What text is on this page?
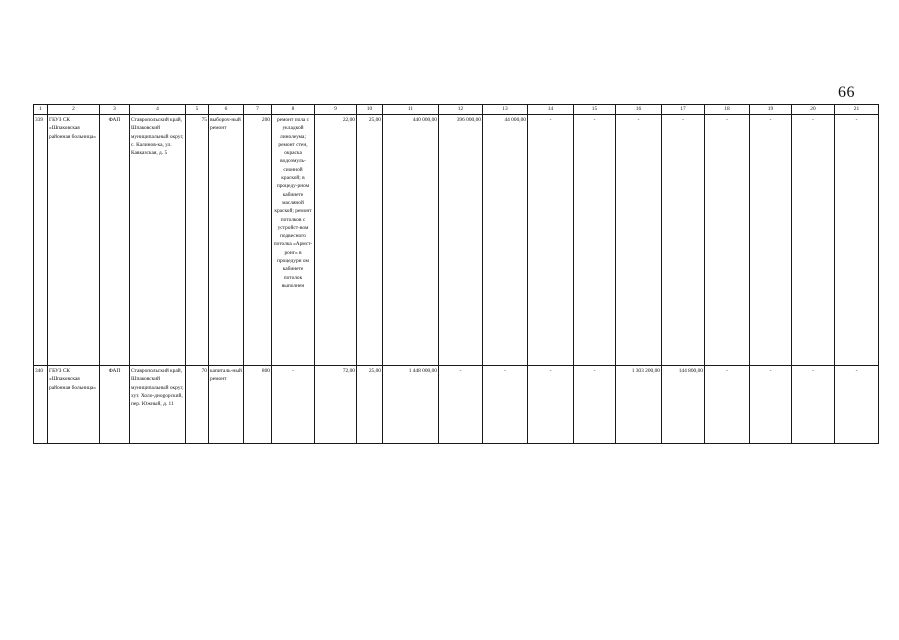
66
1	2	3	4	5	6	7	8	9	10	11	12	13	14	15	16	17	18	19	20	21
339	ГБУЗ СК «Шпаковская районная больница»	ФАП	Ставропольский край, Шпаковский муниципальный округ, с. Калинов-ка, ул. Кавказская, д. 5	75	выбороч-ный ремонт	200	ремонт пола с укладкой линолеума; ремонт стен, окраска водоэмуль-сионной краской; в процеду-рном кабинете масляной краской; ремонт потолков с устройст-вом подвесного потолка «Армст-ронг» в процедурн ом кабинете потолок выполнен	22,00	25,00	440 000,00	396 000,00	44 000,00	-	-	-	-	-	-	-	-
340	ГБУЗ СК «Шпаковская районная больница»	ФАП	Ставропольский край, Шпаковский муниципальный округ, хут. Холо-днogорский, пер. Южный, д. 11	70	капиталь-ный ремонт	800	-	72,00	25,00	1 448 000,00	-	-	-	-	1 303 200,00	144 800,00	-	-	-	-
